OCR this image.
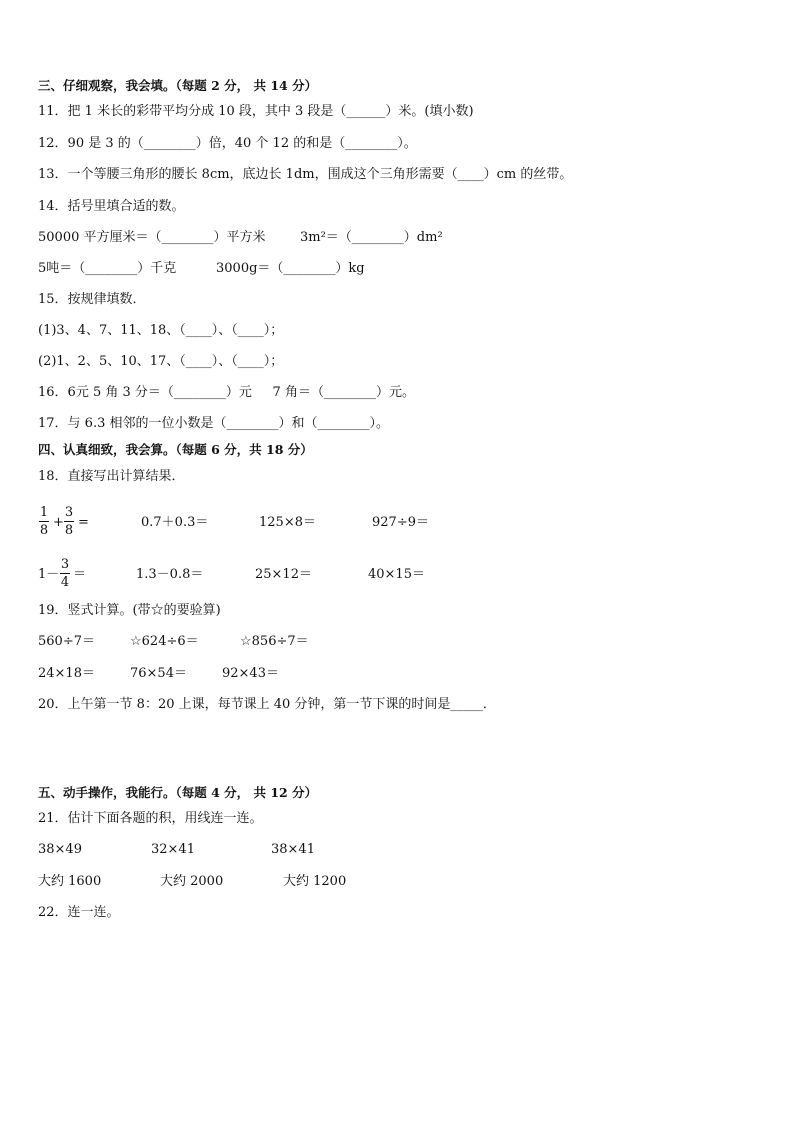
三、仔细观察，我会填。（每题 2 分， 共 14 分）
11．把 1 米长的彩带平均分成 10 段，其中 3 段是（______）米。(填小数)
12．90 是 3 的（________）倍，40 个 12 的和是（________）。
13．一个等腰三角形的腰长 8cm，底边长 1dm，围成这个三角形需要（____）cm 的丝带。
14．括号里填合适的数。
50000 平方厘米＝（________）平方米	3m²＝（________）dm²
5吨＝（________）千克	3000g＝（________）kg
15．按规律填数．
(1)3、4、7、11、18、（____）、（____）；
(2)1、2、5、10、17、（____）、（____）；
16．6元 5 角 3 分＝（________）元     7 角＝（________）元。
17．与 6.3 相邻的一位小数是（________）和（________）。
四、认真细致，我会算。（每题 6 分，共 18 分）
18．直接写出计算结果．
1
8
+
3
8
=	0.7＋0.3＝	125×8＝	927÷9＝
1－
3
4
＝	1.3－0.8＝	25×12＝	40×15＝
19．竖式计算。(带☆的要验算)
560÷7＝	☆624÷6＝	☆856÷7＝
24×18＝	76×54＝	92×43＝
20．上午第一节 8：20 上课，每节课上 40 分钟，第一节下课的时间是_____．
五、动手操作，我能行。（每题 4 分， 共 12 分）
21．估计下面各题的积，用线连一连。
38×49	32×41	38×41
大约 1600	大约 2000	大约 1200
22．连一连。
